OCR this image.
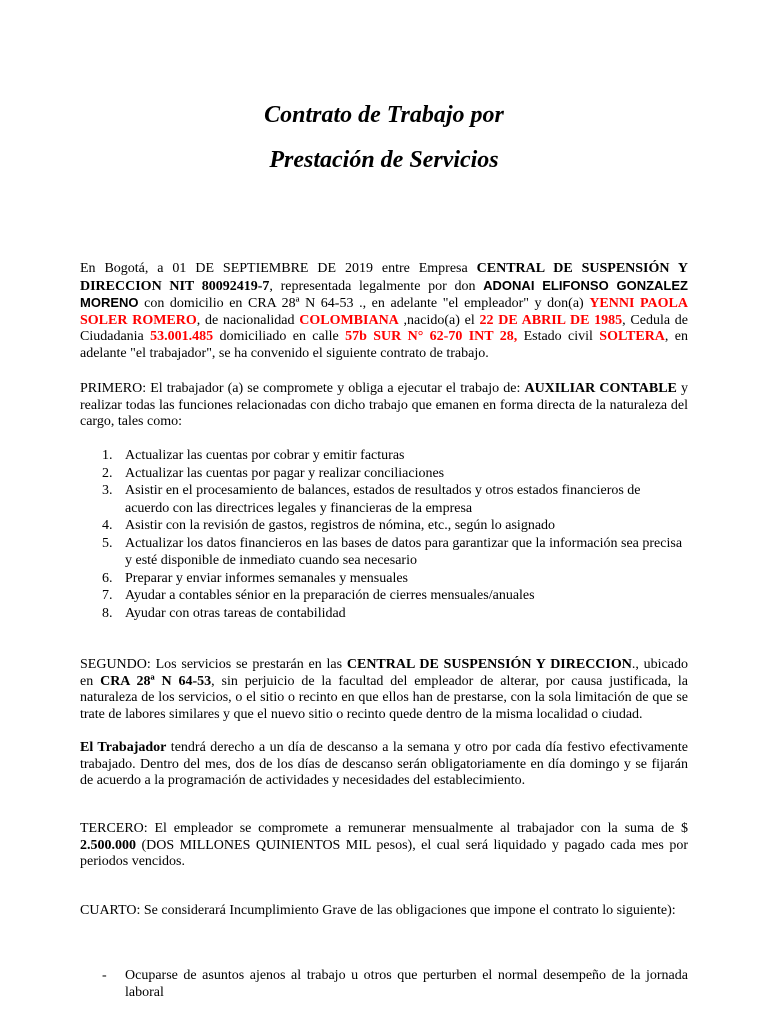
Contrato de Trabajo por
Prestación de Servicios
En Bogotá, a 01 DE SEPTIEMBRE DE 2019 entre Empresa CENTRAL DE SUSPENSIÓN Y DIRECCION NIT 80092419-7, representada legalmente por don ADONAI ELIFONSO GONZALEZ MORENO con domicilio en CRA 28ª N 64-53 ., en adelante "el empleador" y don(a) YENNI PAOLA SOLER ROMERO, de nacionalidad COLOMBIANA ,nacido(a) el 22 DE ABRIL DE 1985, Cedula de Ciudadania 53.001.485 domiciliado en calle 57b SUR N° 62-70 INT 28, Estado civil SOLTERA, en adelante "el trabajador", se ha convenido el siguiente contrato de trabajo.
PRIMERO: El trabajador (a) se compromete y obliga a ejecutar el trabajo de: AUXILIAR CONTABLE y realizar todas las funciones relacionadas con dicho trabajo que emanen en forma directa de la naturaleza del cargo, tales como:
1. Actualizar las cuentas por cobrar y emitir facturas
2. Actualizar las cuentas por pagar y realizar conciliaciones
3. Asistir en el procesamiento de balances, estados de resultados y otros estados financieros de acuerdo con las directrices legales y financieras de la empresa
4. Asistir con la revisión de gastos, registros de nómina, etc., según lo asignado
5. Actualizar los datos financieros en las bases de datos para garantizar que la información sea precisa y esté disponible de inmediato cuando sea necesario
6. Preparar y enviar informes semanales y mensuales
7. Ayudar a contables sénior en la preparación de cierres mensuales/anuales
8. Ayudar con otras tareas de contabilidad
SEGUNDO: Los servicios se prestarán en las CENTRAL DE SUSPENSIÓN Y DIRECCION., ubicado en CRA 28ª N 64-53, sin perjuicio de la facultad del empleador de alterar, por causa justificada, la naturaleza de los servicios, o el sitio o recinto en que ellos han de prestarse, con la sola limitación de que se trate de labores similares y que el nuevo sitio o recinto quede dentro de la misma localidad o ciudad.
El Trabajador tendrá derecho a un día de descanso a la semana y otro por cada día festivo efectivamente trabajado. Dentro del mes, dos de los días de descanso serán obligatoriamente en día domingo y se fijarán de acuerdo a la programación de actividades y necesidades del establecimiento.
TERCERO: El empleador se compromete a remunerar mensualmente al trabajador con la suma de $ 2.500.000 (DOS MILLONES QUINIENTOS MIL pesos), el cual será liquidado y pagado cada mes por periodos vencidos.
CUARTO: Se considerará Incumplimiento Grave de las obligaciones que impone el contrato lo siguiente):
-	Ocuparse de asuntos ajenos al trabajo u otros que perturben el normal desempeño de la jornada laboral
